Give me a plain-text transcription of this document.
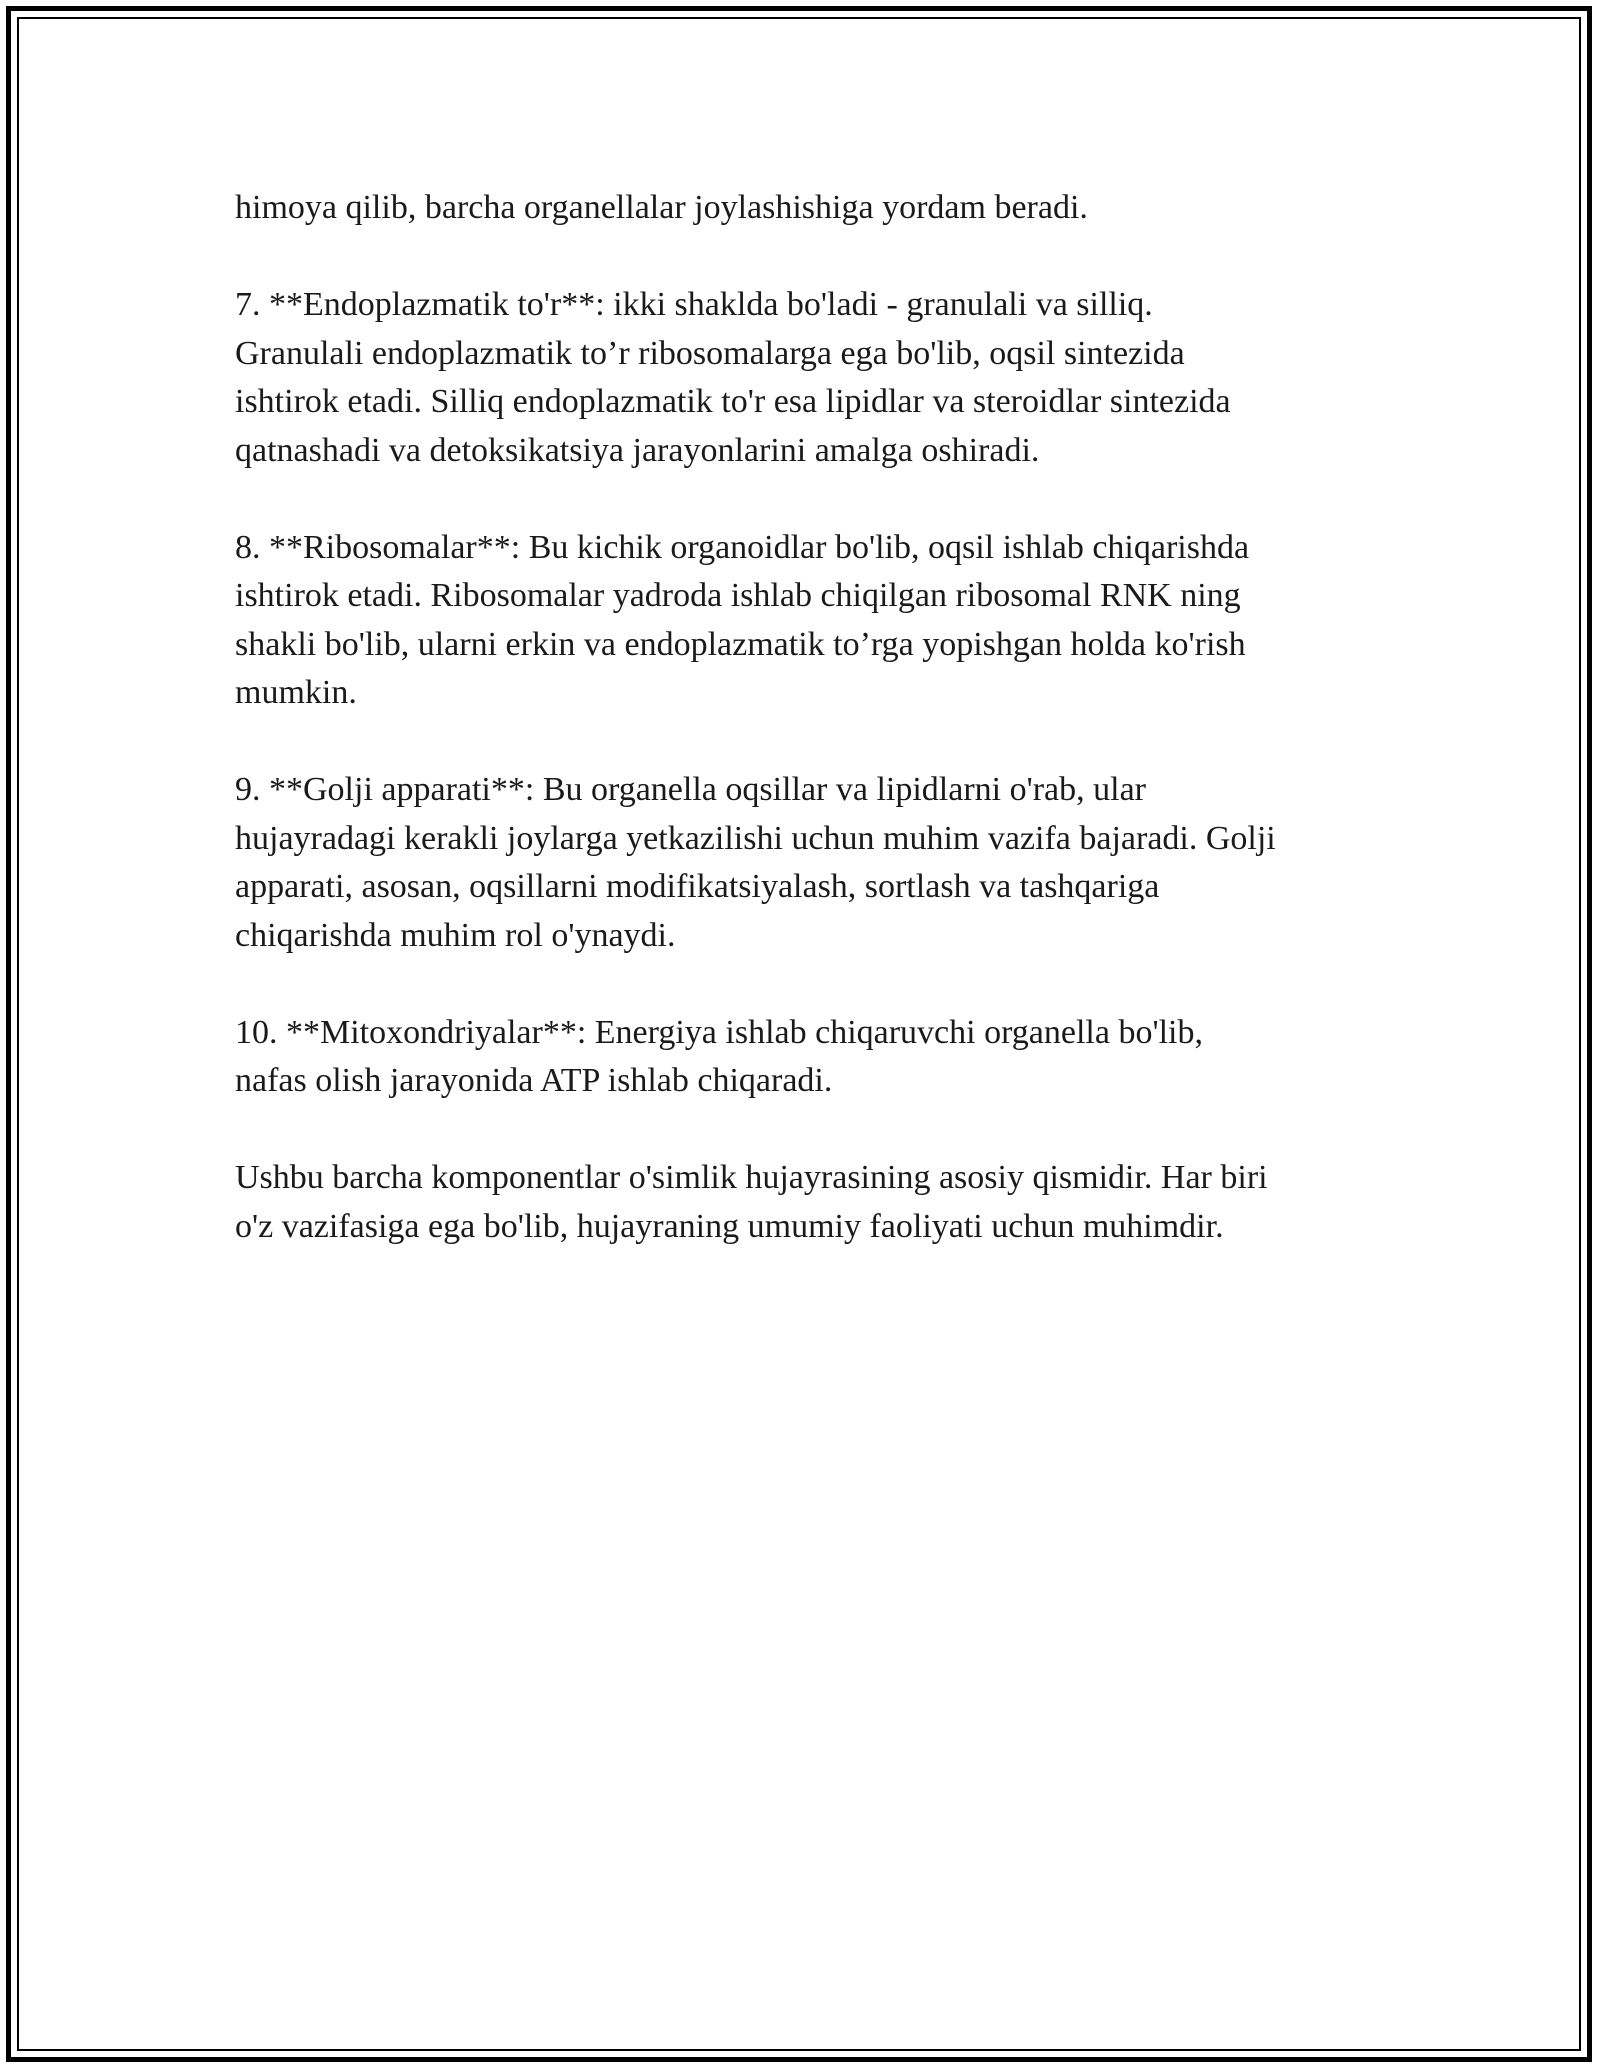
himoya qilib, barcha organellalar joylashishiga yordam beradi.

7. **Endoplazmatik to'r**: ikki shaklda bo'ladi - granulali va silliq.
Granulali endoplazmatik to’r ribosomalarga ega bo'lib, oqsil sintezida
ishtirok etadi. Silliq endoplazmatik to'r esa lipidlar va steroidlar sintezida
qatnashadi va detoksikatsiya jarayonlarini amalga oshiradi.

8. **Ribosomalar**: Bu kichik organoidlar bo'lib, oqsil ishlab chiqarishda
ishtirok etadi. Ribosomalar yadroda ishlab chiqilgan ribosomal RNK ning
shakli bo'lib, ularni erkin va endoplazmatik to’rga yopishgan holda ko'rish
mumkin.

9. **Golji apparati**: Bu organella oqsillar va lipidlarni o'rab, ular
hujayradagi kerakli joylarga yetkazilishi uchun muhim vazifa bajaradi. Golji
apparati, asosan, oqsillarni modifikatsiyalash, sortlash va tashqariga
chiqarishda muhim rol o'ynaydi.

10. **Mitoxondriyalar**: Energiya ishlab chiqaruvchi organella bo'lib,
nafas olish jarayonida ATP ishlab chiqaradi.

Ushbu barcha komponentlar o'simlik hujayrasining asosiy qismidir. Har biri
o'z vazifasiga ega bo'lib, hujayraning umumiy faoliyati uchun muhimdir.
